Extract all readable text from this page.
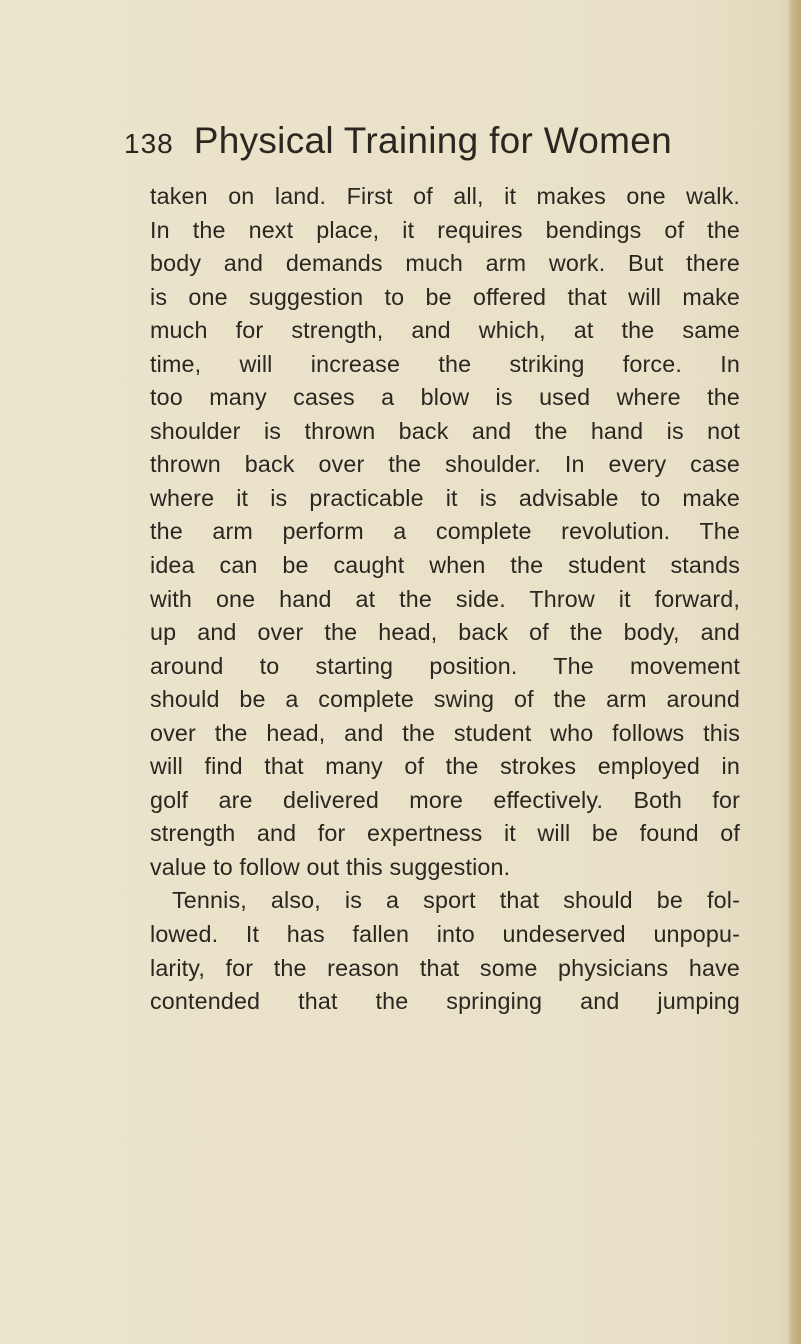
138 Physical Training for Women
taken on land. First of all, it makes one walk.
In the next place, it requires bendings of the
body and demands much arm work. But there
is one suggestion to be offered that will make
much for strength, and which, at the same
time, will increase the striking force. In
too many cases a blow is used where the
shoulder is thrown back and the hand is not
thrown back over the shoulder. In every case
where it is practicable it is advisable to make
the arm perform a complete revolution. The
idea can be caught when the student stands
with one hand at the side. Throw it forward,
up and over the head, back of the body, and
around to starting position. The movement
should be a complete swing of the arm around
over the head, and the student who follows this
will find that many of the strokes employed in
golf are delivered more effectively. Both for
strength and for expertness it will be found of
value to follow out this suggestion.
Tennis, also, is a sport that should be fol-
lowed. It has fallen into undeserved unpopu-
larity, for the reason that some physicians have
contended that the springing and jumping
